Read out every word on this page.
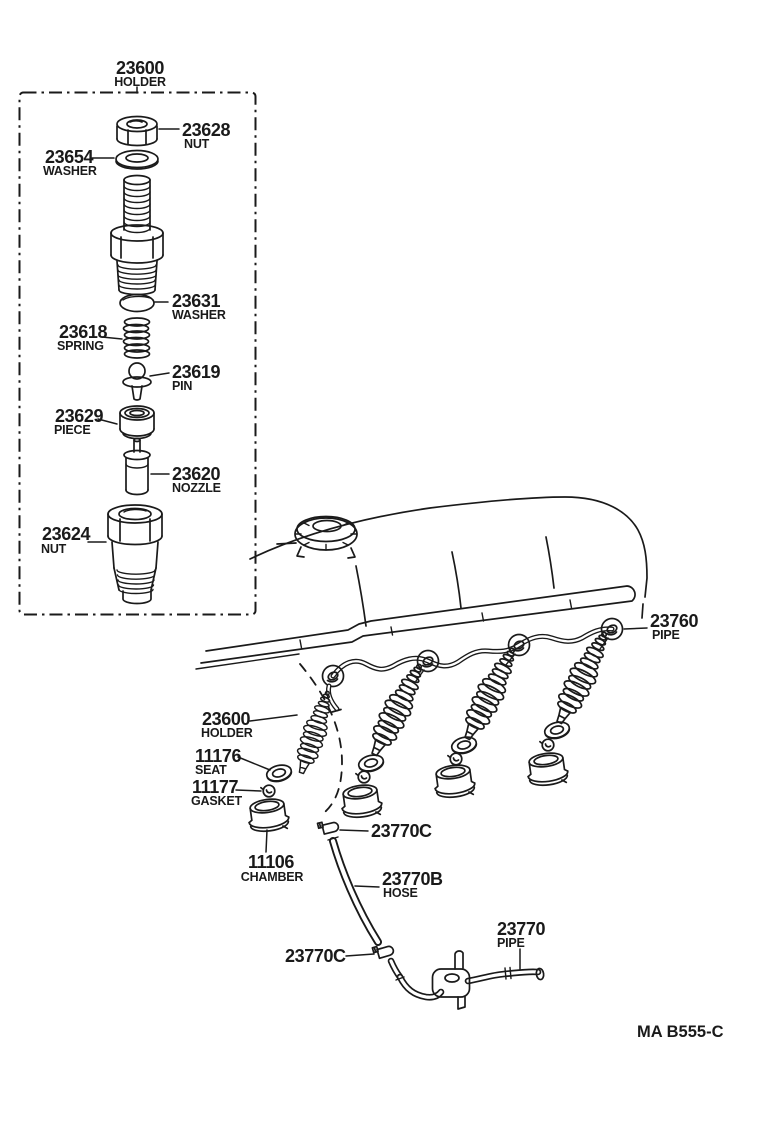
23600
HOLDER
23628
NUT
23654
WASHER
23631
WASHER
23618
SPRING
23619
PIN
23629
PIECE
23620
NOZZLE
23624
NUT
23760
PIPE
23600
HOLDER
11176
SEAT
11177
GASKET
11106
CHAMBER
23770C
23770B
HOSE
23770C
23770
PIPE
MA B555-C
